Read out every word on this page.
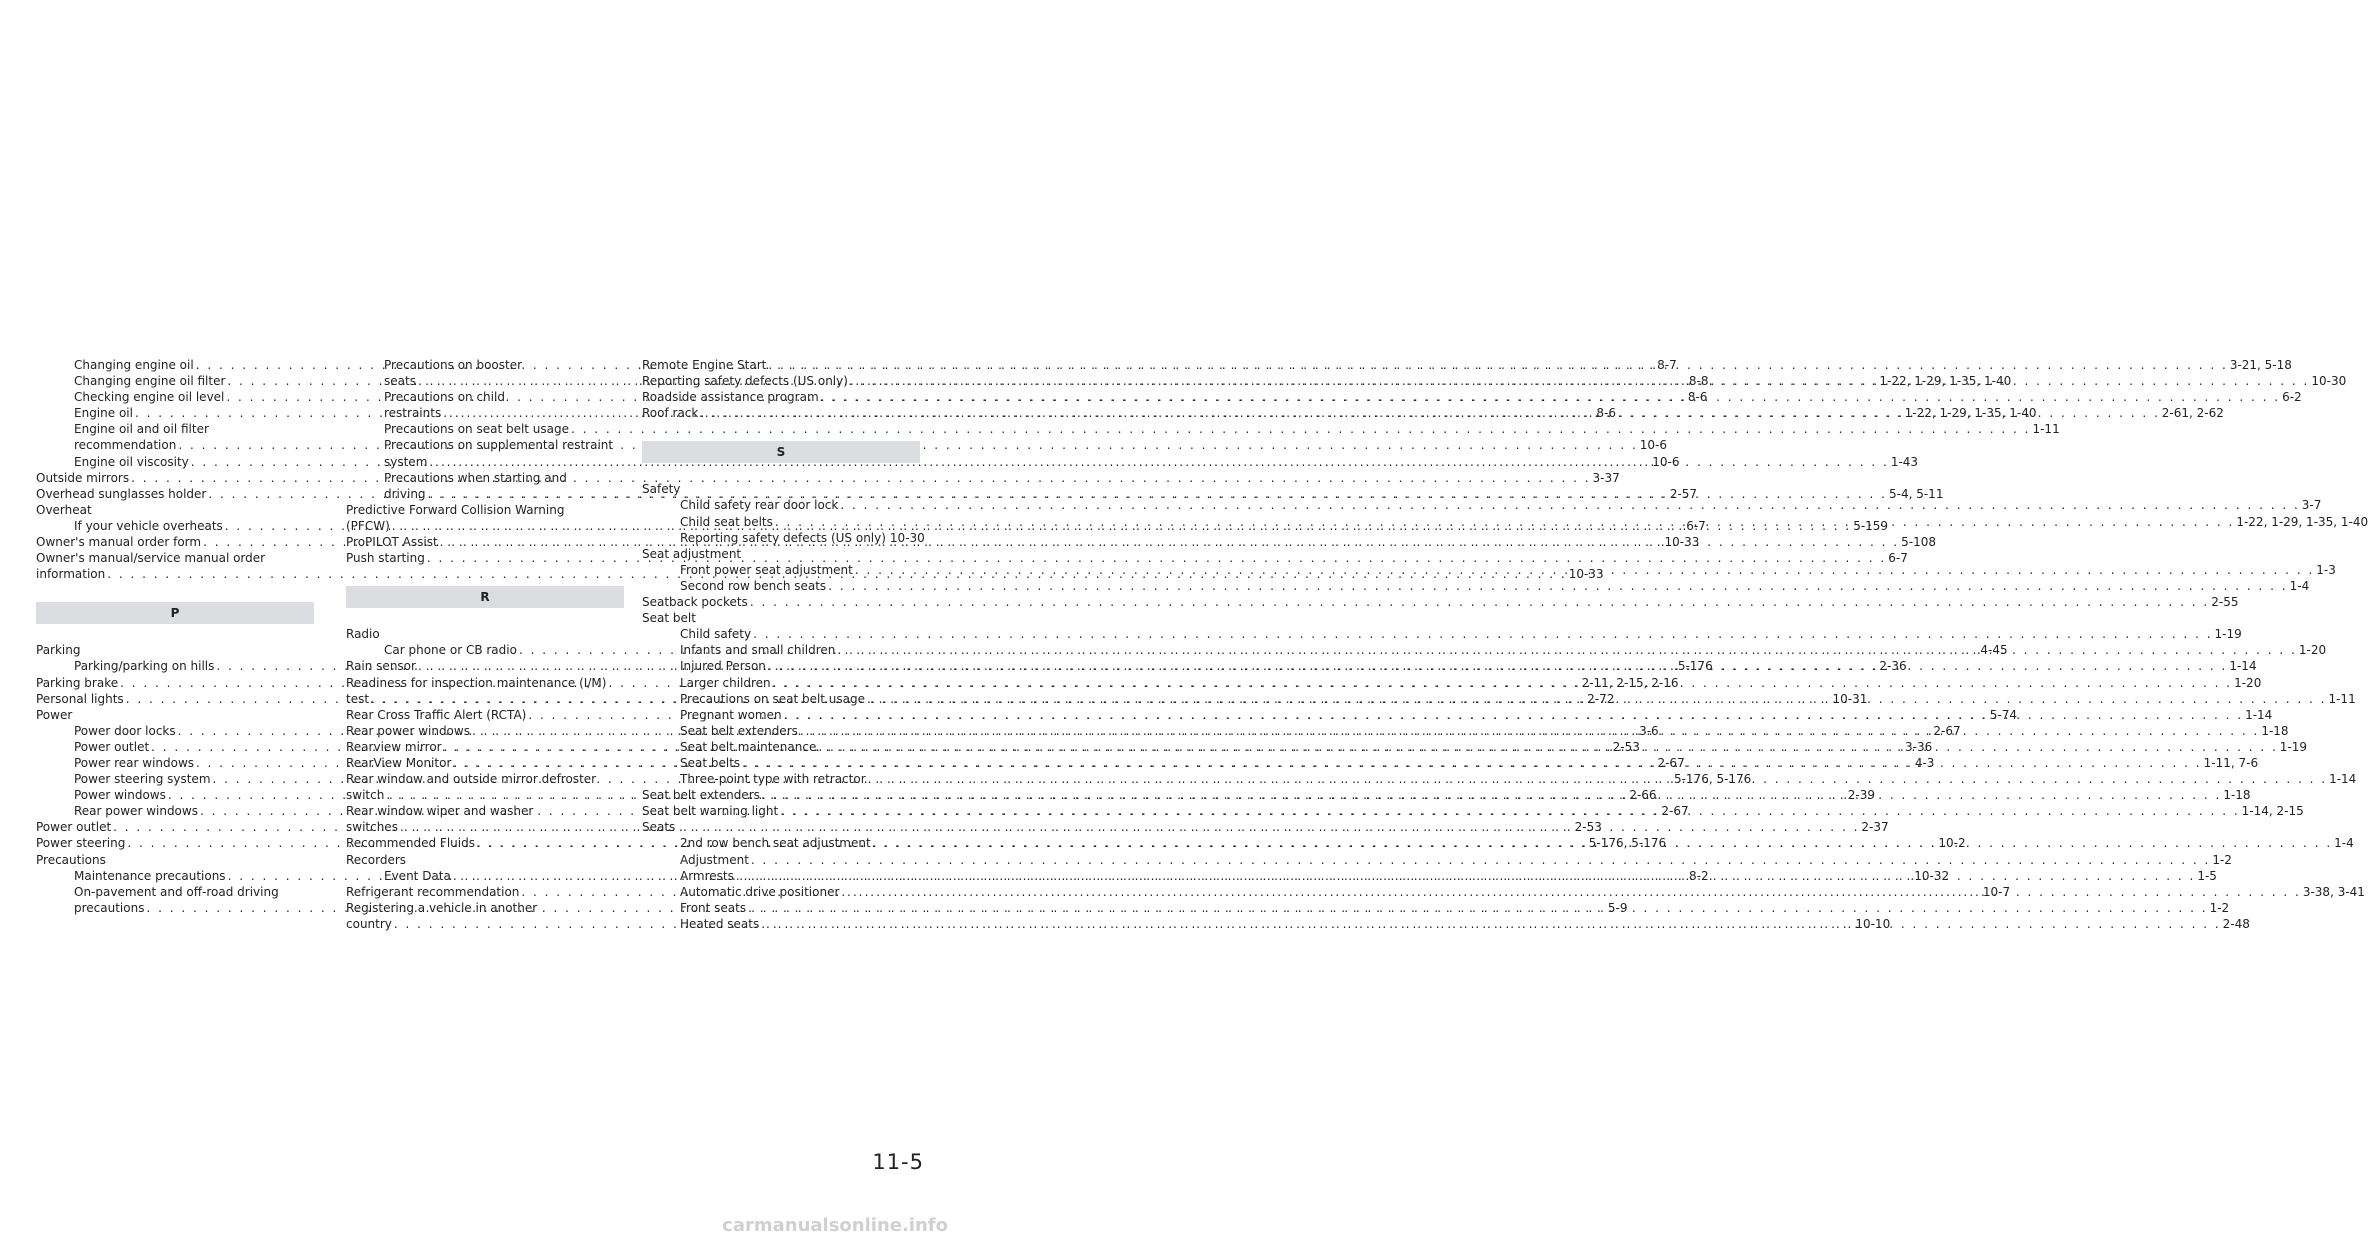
Changing engine oil . . .	8-7
Changing engine oil filter . . .	8-8
Checking engine oil level . . .	8-6
Engine oil . . .	8-6
Engine oil and oil filter
recommendation . . .	10-6
Engine oil viscosity . . .	10-6
Outside mirrors . . .	3-37
Overhead sunglasses holder . . .	2-57
Overheat
If your vehicle overheats . . .	6-7
Owner's manual order form . . .	10-33
Owner's manual/service manual order
information . . .	10-33
P
Parking
Parking/parking on hills . . .	5-176
Parking brake . . .	2-11, 2-15, 2-16
Personal lights . . .	2-72
Power
Power door locks . . .	3-6
Power outlet . . .	2-53
Power rear windows . . .	2-67
Power steering system . . .	5-176, 5-176
Power windows . . .	2-66
Rear power windows . . .	2-67
Power outlet . . .	2-53
Power steering . . .	5-176, 5-176
Precautions
Maintenance precautions . . .	8-2
On-pavement and off-road driving
precautions . . .	5-9
Precautions on booster
seats . . .	1-22, 1-29, 1-35, 1-40
Precautions on child
restraints . . .	1-22, 1-29, 1-35, 1-40
Precautions on seat belt usage . . .	1-11
Precautions on supplemental restraint
system . . .	1-43
Precautions when starting and
driving . . .	5-4, 5-11
Predictive Forward Collision Warning
(PFCW) . . .	5-159
ProPILOT Assist . . .	5-108
Push starting . . .	6-7
R
Radio
Car phone or CB radio . . .	4-45
Rain sensor . . .	2-36
Readiness for inspection maintenance (I/M)
test . . .	10-31
Rear Cross Traffic Alert (RCTA) . . .	5-74
Rear power windows . . .	2-67
Rearview mirror . . .	3-36
RearView Monitor . . .	4-3
Rear window and outside mirror defroster
switch . . .	2-39
Rear window wiper and washer
switches . . .	2-37
Recommended Fluids . . .	10-2
Recorders
Event Data . . .	10-32
Refrigerant recommendation . . .	10-7
Registering a vehicle in another
country . . .	10-10
Remote Engine Start . . .	3-21, 5-18
Reporting safety defects (US only) . . .	10-30
Roadside assistance program . . .	6-2
Roof rack . . .	2-61, 2-62
S
Safety
Child safety rear door lock . . .	3-7
Child seat belts . . .	1-22, 1-29, 1-35, 1-40
Reporting safety defects (US only) 10-30
Seat adjustment
Front power seat adjustment . . .	1-3
Second row bench seats . . .	1-4
Seatback pockets . . .	2-55
Seat belt
Child safety . . .	1-19
Infants and small children . . .	1-20
Injured Person . . .	1-14
Larger children . . .	1-20
Precautions on seat belt usage . . .	1-11
Pregnant women . . .	1-14
Seat belt extenders . . .	1-18
Seat belt maintenance . . .	1-19
Seat belts . . .	1-11, 7-6
Three-point type with retractor . . .	1-14
Seat belt extenders . . .	1-18
Seat belt warning light . . .	1-14, 2-15
Seats
2nd row bench seat adjustment . . .	1-4
Adjustment . . .	1-2
Armrests . . .	1-5
Automatic drive positioner . . .	3-38, 3-41
Front seats . . .	1-2
Heated seats . . .	2-48
11-5
carmanualsonline.info
